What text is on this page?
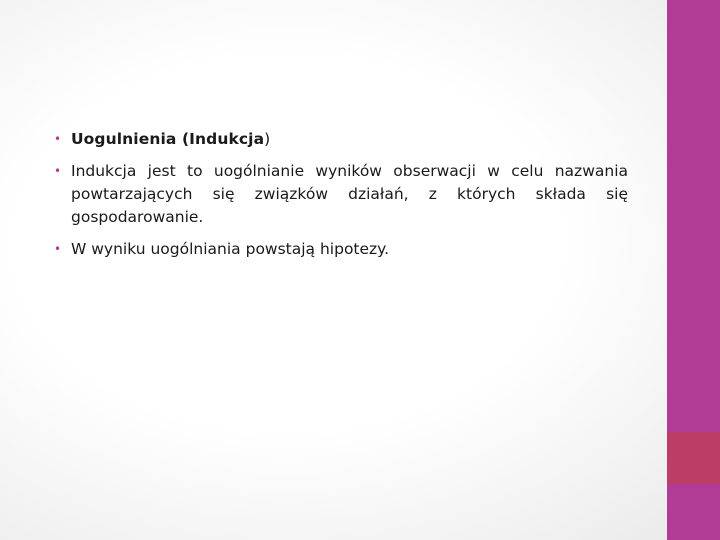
• Uogulnienia (Indukcja)
• Indukcja jest to uogólnianie wyników obserwacji w celu nazwania powtarzających się związków działań, z których składa się gospodarowanie.
• W wyniku uogólniania powstają hipotezy.
